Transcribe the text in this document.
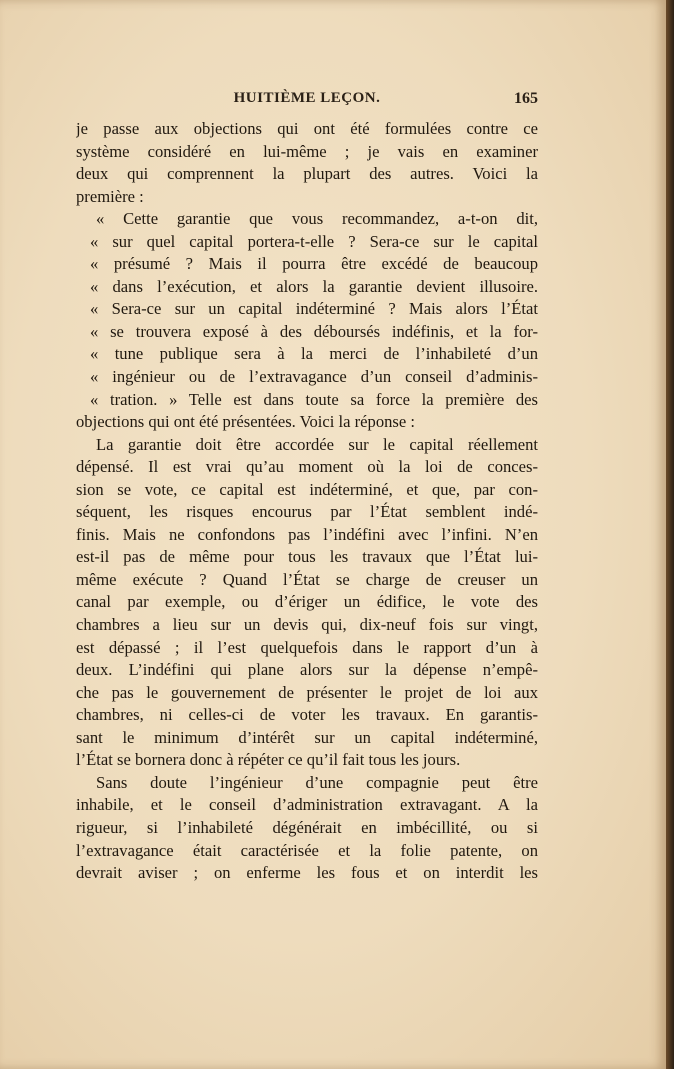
HUITIÈME LEÇON.	165
je passe aux objections qui ont été formulées contre ce
système considéré en lui-même ; je vais en examiner
deux qui comprennent la plupart des autres. Voici la
première :
« Cette garantie que vous recommandez, a-t-on dit,
« sur quel capital portera-t-elle ? Sera-ce sur le capital
« présumé ? Mais il pourra être excédé de beaucoup
« dans l’exécution, et alors la garantie devient illusoire.
« Sera-ce sur un capital indéterminé ? Mais alors l’État
« se trouvera exposé à des déboursés indéfinis, et la for-
« tune publique sera à la merci de l’inhabileté d’un
« ingénieur ou de l’extravagance d’un conseil d’adminis-
« tration. » Telle est dans toute sa force la première des
objections qui ont été présentées. Voici la réponse :
La garantie doit être accordée sur le capital réellement
dépensé. Il est vrai qu’au moment où la loi de conces-
sion se vote, ce capital est indéterminé, et que, par con-
séquent, les risques encourus par l’État semblent indé-
finis. Mais ne confondons pas l’indéfini avec l’infini. N’en
est-il pas de même pour tous les travaux que l’État lui-
même exécute ? Quand l’État se charge de creuser un
canal par exemple, ou d’ériger un édifice, le vote des
chambres a lieu sur un devis qui, dix-neuf fois sur vingt,
est dépassé ; il l’est quelquefois dans le rapport d’un à
deux. L’indéfini qui plane alors sur la dépense n’empê-
che pas le gouvernement de présenter le projet de loi aux
chambres, ni celles-ci de voter les travaux. En garantis-
sant le minimum d’intérêt sur un capital indéterminé,
l’État se bornera donc à répéter ce qu’il fait tous les jours.
Sans doute l’ingénieur d’une compagnie peut être
inhabile, et le conseil d’administration extravagant. A la
rigueur, si l’inhabileté dégénérait en imbécillité, ou si
l’extravagance était caractérisée et la folie patente, on
devrait aviser ; on enferme les fous et on interdit les
